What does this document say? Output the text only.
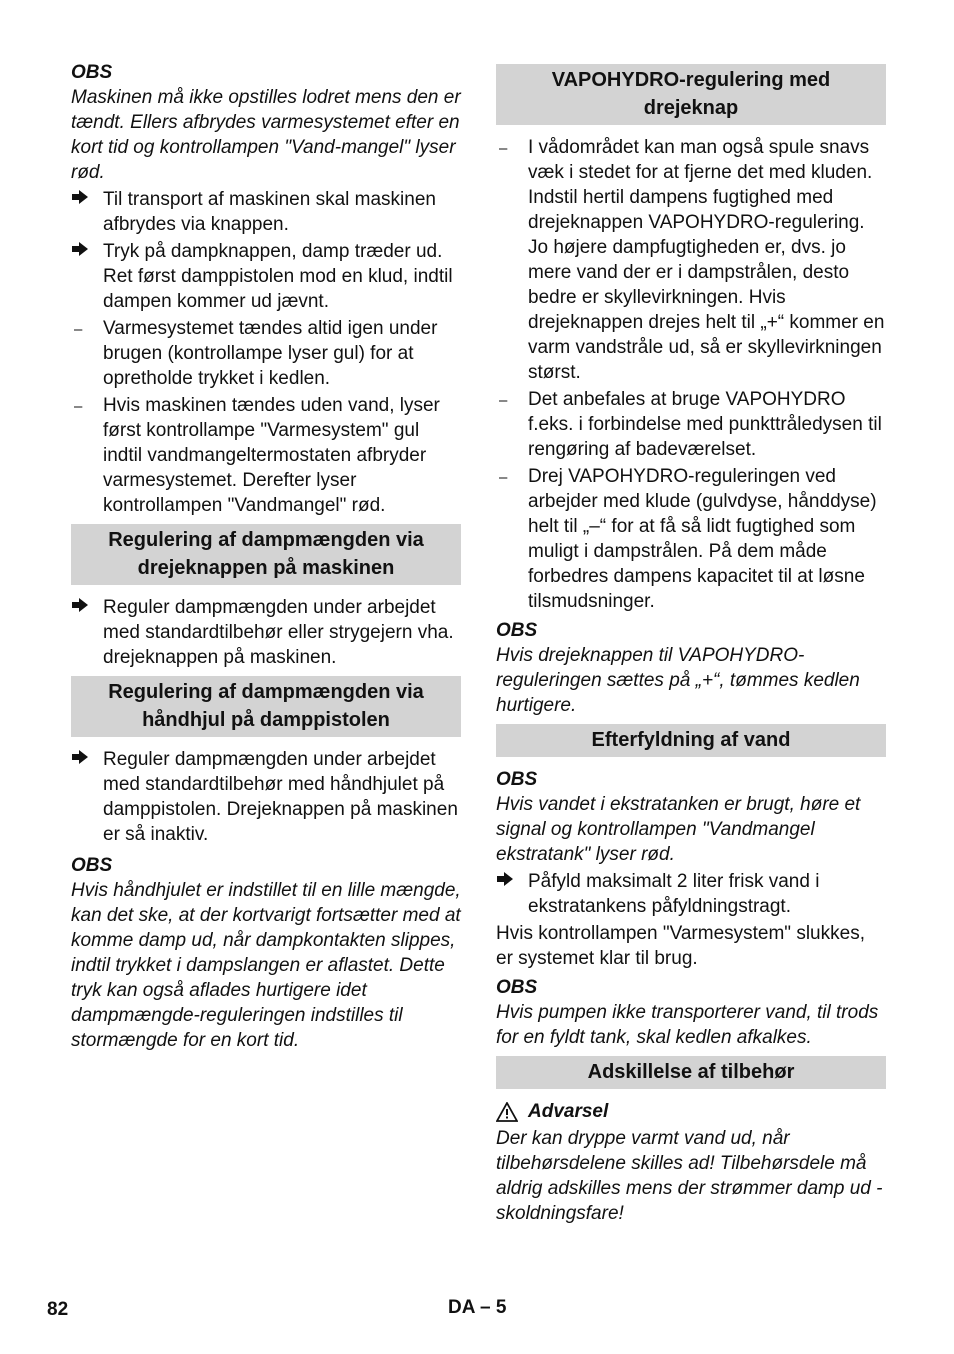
OBS

Maskinen må ikke opstilles lodret mens den er tændt. Ellers afbrydes varmesystemet efter en kort tid og kontrollampen "Vand-mangel" lyser rød.

Til transport af maskinen skal maskinen afbrydes via knappen.
Tryk på dampknappen, damp træder ud. Ret først damppistolen mod en klud, indtil dampen kommer ud jævnt.
–	Varmesystemet tændes altid igen under brugen (kontrollampe lyser gul) for at opretholde trykket i kedlen.
–	Hvis maskinen tændes uden vand, lyser først kontrollampe "Varmesystem" gul indtil vandmangeltermostaten afbryder varmesystemet. Derefter lyser kontrollampen "Vandmangel" rød.
Regulering af dampmængden via drejeknappen på maskinen
Reguler dampmængden under arbejdet med standardtilbehør eller strygejern vha. drejeknappen på maskinen.
Regulering af dampmængden via håndhjul på damppistolen
Reguler dampmængden under arbejdet med standardtilbehør med håndhjulet på damppistolen. Drejeknappen på maskinen er så inaktiv.

OBS

Hvis håndhjulet er indstillet til en lille mængde, kan det ske, at der kortvarigt fortsætter med at komme damp ud, når dampkontakten slippes, indtil trykket i dampslangen er aflastet. Dette tryk kan også aflades hurtigere idet dampmængde-reguleringen indstilles til stormængde for en kort tid.

VAPOHYDRO-regulering med drejeknap
–	I vådområdet kan man også spule snavs væk i stedet for at fjerne det med kluden. Indstil hertil dampens fugtighed med drejeknappen VAPOHYDRO-regulering. Jo højere dampfugtigheden er, dvs. jo mere vand der er i dampstrålen, desto bedre er skyllevirkningen. Hvis drejeknappen drejes helt til „+“ kommer en varm vandstråle ud, så er skyllevirkningen størst.
–	Det anbefales at bruge VAPOHYDRO f.eks. i forbindelse med punkttråledysen til rengøring af badeværelset.
–	Drej VAPOHYDRO-reguleringen ved arbejder med klude (gulvdyse, hånddyse) helt til „–“ for at få så lidt fugtighed som muligt i dampstrålen. På dem måde forbedres dampens kapacitet til at løsne tilsmudsninger.

OBS

Hvis drejeknappen til VAPOHYDRO-reguleringen sættes på „+“, tømmes kedlen hurtigere.

Efterfyldning af vand

OBS

Hvis vandet i ekstratanken er brugt, høre et signal og kontrollampen "Vandmangel ekstratank" lyser rød.

Påfyld maksimalt 2 liter frisk vand i ekstratankens påfyldningstragt.

Hvis kontrollampen "Varmesystem" slukkes, er systemet klar til brug.

OBS

Hvis pumpen ikke transporterer vand, til trods for en fyldt tank, skal kedlen afkalkes.

Adskillelse af tilbehør
Advarsel

Der kan dryppe varmt vand ud, når tilbehørsdelene skilles ad! Tilbehørsdele må aldrig adskilles mens der strømmer damp ud - skoldningsfare!

82	DA – 5
